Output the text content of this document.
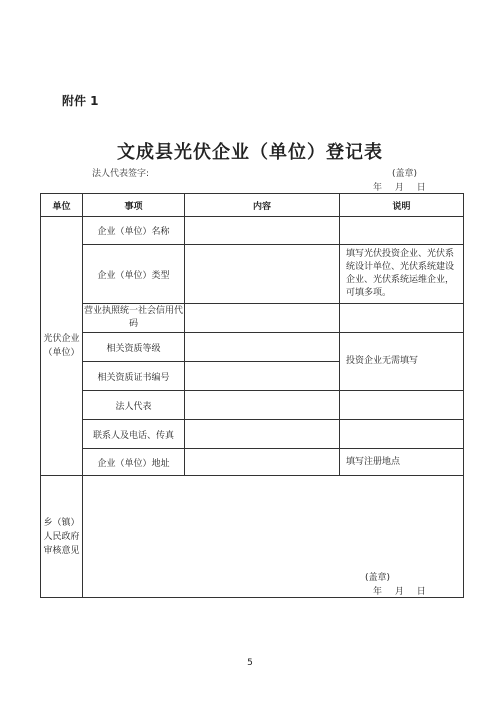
附件 1
文成县光伏企业（单位）登记表
法人代表签字:	(盖章)
年 月 日
单位	事项	内容	说明
光伏企业（单位）	企业（单位）名称		
	企业（单位）类型		填写光伏投资企业、光伏系统设计单位、光伏系统建设企业、光伏系统运维企业，可填多项。
	营业执照统一社会信用代码		
	相关资质等级		投资企业无需填写
	相关资质证书编号		
	法人代表		
	联系人及电话、传真		
	企业（单位）地址		填写注册地点
乡（镇）人民政府审核意见	(盖章)
年 月 日		
5
